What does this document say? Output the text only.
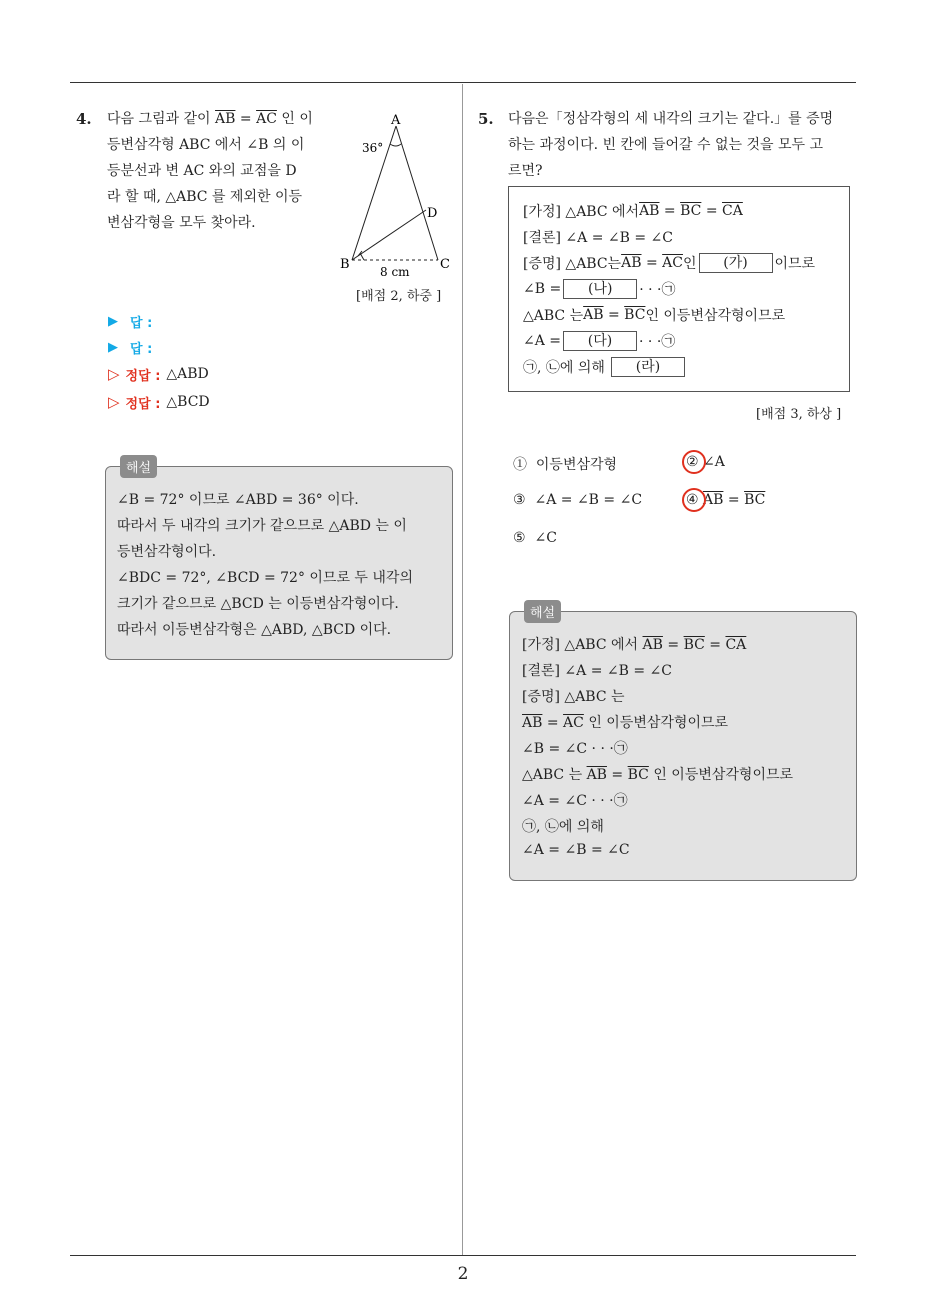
2
4. 다음 그림과 같이 $\overline{AB} = \overline{AC}$ 인 이
등변삼각형 ABC 에서 ∠B 의 이
등분선과 변 AC 와의 교점을 D
라 할 때, △ABC 를 제외한 이등
변삼각형을 모두 찾아라.
A
36°
D
B	C
8 cm
[배점 2, 하중 ]
▶ 답 :
▶ 답 :
▷ 정답 : △ABD
▷ 정답 : △BCD
해설
∠B = 72° 이므로 ∠ABD = 36° 이다.
따라서 두 내각의 크기가 같으므로 △ABD 는 이
등변삼각형이다.
∠BDC = 72°, ∠BCD = 72° 이므로 두 내각의
크기가 같으므로 △BCD 는 이등변삼각형이다.
따라서 이등변삼각형은 △ABD, △BCD 이다.
5. 다음은「정삼각형의 세 내각의 크기는 같다.」를 증명
하는 과정이다. 빈 칸에 들어갈 수 없는 것을 모두 고
르면?
[가정] △ABC 에서 $\overline{AB} = \overline{BC} = \overline{CA}$
[결론] ∠A = ∠B = ∠C
[증명] △ABC는 $\overline{AB} = \overline{AC}$ 인	(가)	이므로
∠B =	(나)	· · ·㉠
△ABC 는 $\overline{AB} = \overline{BC}$ 인 이등변삼각형이므로
∠A =	(다)	· · ·㉠
㉠, ㉡에 의해	(라)
[배점 3, 하상 ]
① 이등변삼각형	② ∠A
③ ∠A = ∠B = ∠C	④ $\overline{AB} = \overline{BC}$
⑤ ∠C
해설
[가정] △ABC 에서 $\overline{AB} = \overline{BC} = \overline{CA}$
[결론] ∠A = ∠B = ∠C
[증명] △ABC 는
$\overline{AB} = \overline{AC}$ 인 이등변삼각형이므로
∠B = ∠C · · ·㉠
△ABC 는 $\overline{AB} = \overline{BC}$ 인 이등변삼각형이므로
∠A = ∠C · · ·㉠
㉠, ㉡에 의해
∠A = ∠B = ∠C
